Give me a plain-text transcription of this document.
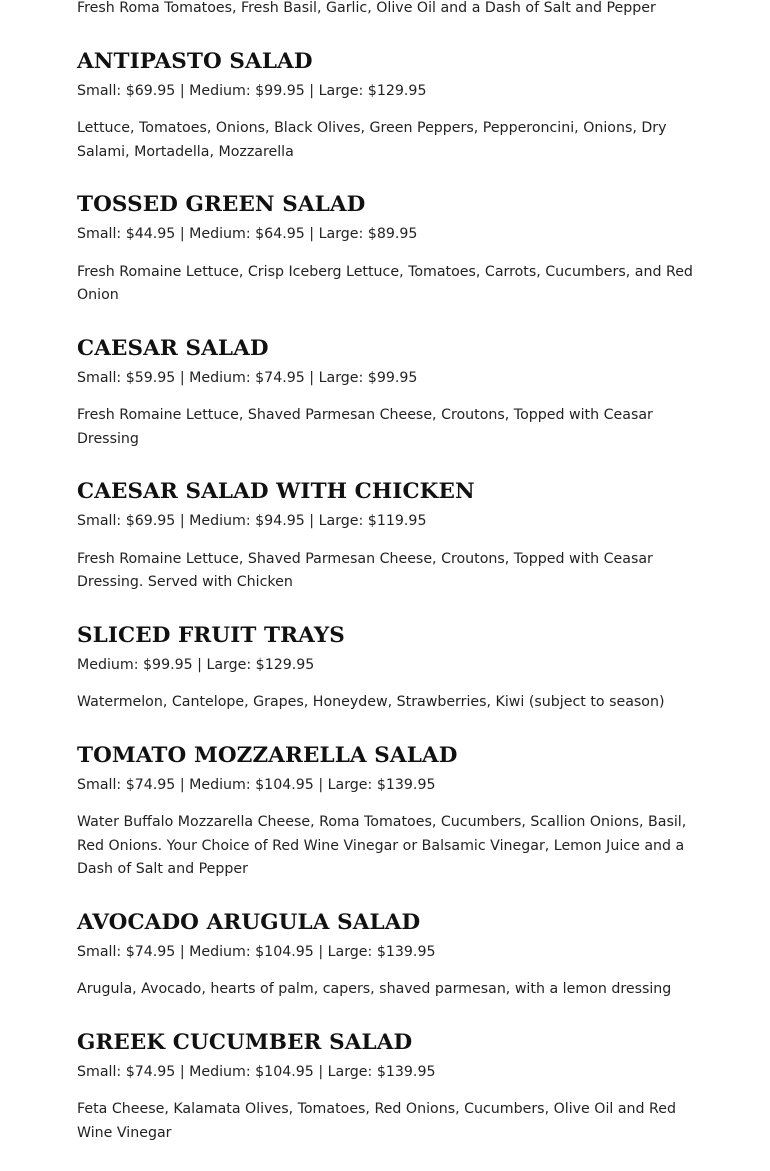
Fresh Roma Tomatoes, Fresh Basil, Garlic, Olive Oil and a Dash of Salt and Pepper

ANTIPASTO SALAD

Small: $69.95 | Medium: $99.95 | Large: $129.95

Lettuce, Tomatoes, Onions, Black Olives, Green Peppers, Pepperoncini, Onions, Dry Salami, Mortadella, Mozzarella

TOSSED GREEN SALAD

Small: $44.95 | Medium: $64.95 | Large: $89.95

Fresh Romaine Lettuce, Crisp Iceberg Lettuce, Tomatoes, Carrots, Cucumbers, and Red Onion

CAESAR SALAD

Small: $59.95 | Medium: $74.95 | Large: $99.95

Fresh Romaine Lettuce, Shaved Parmesan Cheese, Croutons, Topped with Ceasar Dressing

CAESAR SALAD WITH CHICKEN

Small: $69.95 | Medium: $94.95 | Large: $119.95

Fresh Romaine Lettuce, Shaved Parmesan Cheese, Croutons, Topped with Ceasar Dressing. Served with Chicken

SLICED FRUIT TRAYS

Medium: $99.95 | Large: $129.95

Watermelon, Cantelope, Grapes, Honeydew, Strawberries, Kiwi (subject to season)

TOMATO MOZZARELLA SALAD

Small: $74.95 | Medium: $104.95 | Large: $139.95

Water Buffalo Mozzarella Cheese, Roma Tomatoes, Cucumbers, Scallion Onions, Basil, Red Onions. Your Choice of Red Wine Vinegar or Balsamic Vinegar, Lemon Juice and a Dash of Salt and Pepper

AVOCADO ARUGULA SALAD

Small: $74.95 | Medium: $104.95 | Large: $139.95

Arugula, Avocado, hearts of palm, capers, shaved parmesan, with a lemon dressing

GREEK CUCUMBER SALAD

Small: $74.95 | Medium: $104.95 | Large: $139.95

Feta Cheese, Kalamata Olives, Tomatoes, Red Onions, Cucumbers, Olive Oil and Red Wine Vinegar
